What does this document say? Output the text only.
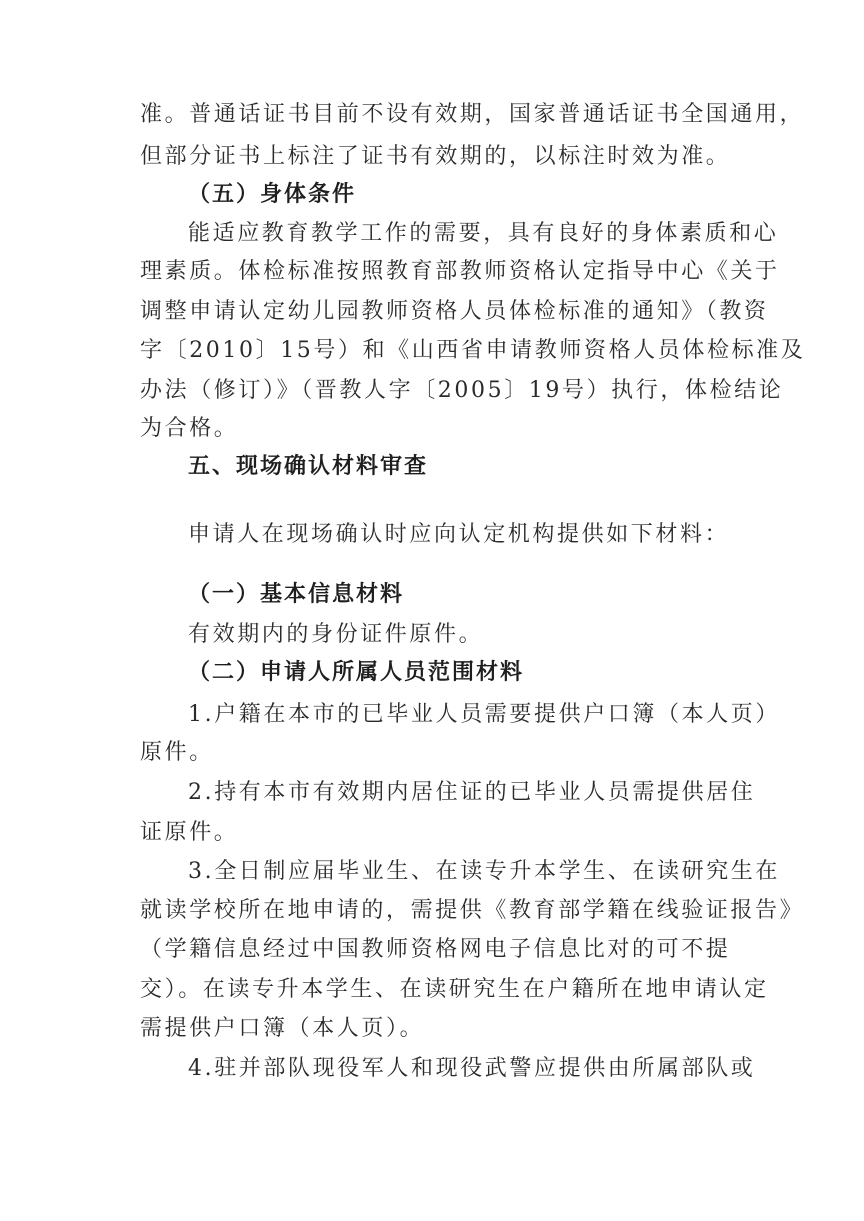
准。普通话证书目前不设有效期，国家普通话证书全国通用，
但部分证书上标注了证书有效期的，以标注时效为准。
（五）身体条件
能适应教育教学工作的需要，具有良好的身体素质和心
理素质。体检标准按照教育部教师资格认定指导中心《关于
调整申请认定幼儿园教师资格人员体检标准的通知》（教资
字〔2010〕15号）和《山西省申请教师资格人员体检标准及
办法（修订）》（晋教人字〔2005〕19号）执行，体检结论
为合格。
五、现场确认材料审查
申请人在现场确认时应向认定机构提供如下材料：
（一）基本信息材料
有效期内的身份证件原件。
（二）申请人所属人员范围材料
1.户籍在本市的已毕业人员需要提供户口簿（本人页）
原件。
2.持有本市有效期内居住证的已毕业人员需提供居住
证原件。
3.全日制应届毕业生、在读专升本学生、在读研究生在
就读学校所在地申请的，需提供《教育部学籍在线验证报告》
（学籍信息经过中国教师资格网电子信息比对的可不提
交）。在读专升本学生、在读研究生在户籍所在地申请认定
需提供户口簿（本人页）。
4.驻并部队现役军人和现役武警应提供由所属部队或
